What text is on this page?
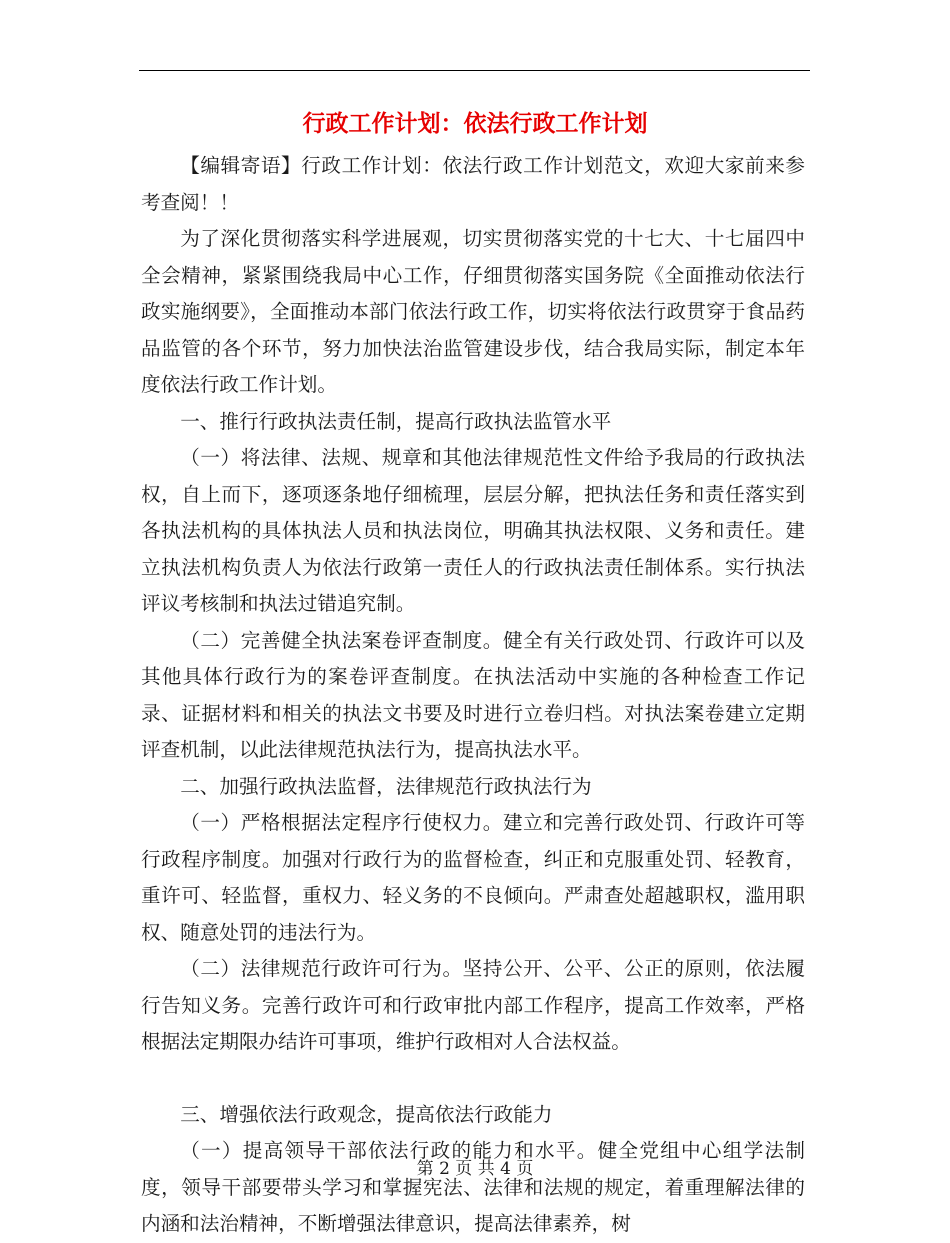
行政工作计划：依法行政工作计划

【编辑寄语】行政工作计划：依法行政工作计划范文，欢迎大家前来参考查阅！！

为了深化贯彻落实科学进展观，切实贯彻落实党的十七大、十七届四中全会精神，紧紧围绕我局中心工作，仔细贯彻落实国务院《全面推动依法行政实施纲要》，全面推动本部门依法行政工作，切实将依法行政贯穿于食品药品监管的各个环节，努力加快法治监管建设步伐，结合我局实际，制定本年度依法行政工作计划。

一、推行行政执法责任制，提高行政执法监管水平

（一）将法律、法规、规章和其他法律规范性文件给予我局的行政执法权，自上而下，逐项逐条地仔细梳理，层层分解，把执法任务和责任落实到各执法机构的具体执法人员和执法岗位，明确其执法权限、义务和责任。建立执法机构负责人为依法行政第一责任人的行政执法责任制体系。实行执法评议考核制和执法过错追究制。

（二）完善健全执法案卷评查制度。健全有关行政处罚、行政许可以及其他具体行政行为的案卷评查制度。在执法活动中实施的各种检查工作记录、证据材料和相关的执法文书要及时进行立卷归档。对执法案卷建立定期评查机制，以此法律规范执法行为，提高执法水平。

二、加强行政执法监督，法律规范行政执法行为

（一）严格根据法定程序行使权力。建立和完善行政处罚、行政许可等行政程序制度。加强对行政行为的监督检查，纠正和克服重处罚、轻教育，重许可、轻监督，重权力、轻义务的不良倾向。严肃查处超越职权，滥用职权、随意处罚的违法行为。

（二）法律规范行政许可行为。坚持公开、公平、公正的原则，依法履行告知义务。完善行政许可和行政审批内部工作程序，提高工作效率，严格根据法定期限办结许可事项，维护行政相对人合法权益。

三、增强依法行政观念，提高依法行政能力

（一）提高领导干部依法行政的能力和水平。健全党组中心组学法制度，领导干部要带头学习和掌握宪法、法律和法规的规定，着重理解法律的内涵和法治精神，不断增强法律意识，提高法律素养，树

第 2 页 共 4 页
